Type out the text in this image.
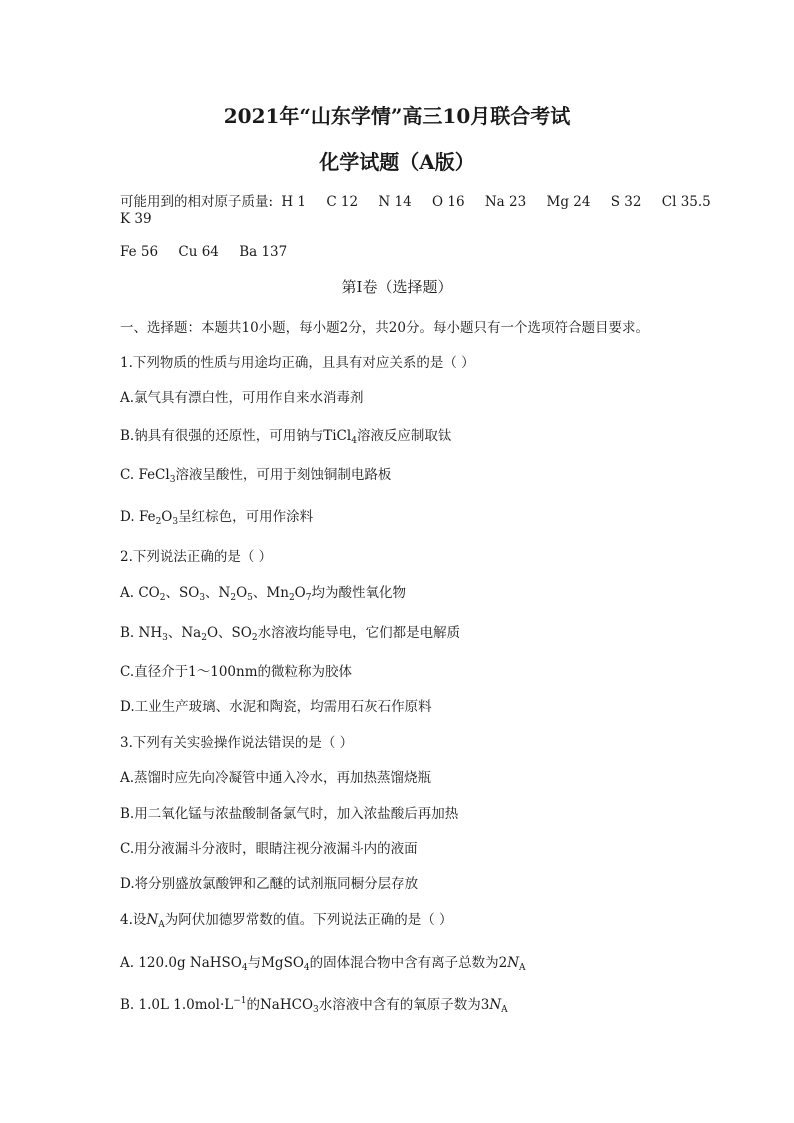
2021年“山东学情”高三10月联合考试
化学试题（A版）
可能用到的相对原子质量: H 1 C 12 N 14 O 16 Na 23 Mg 24 S 32 Cl 35.5
K 39
Fe 56 Cu 64 Ba 137
第Ⅰ卷（选择题）
一、选择题：本题共10小题，每小题2分，共20分。每小题只有一个选项符合题目要求。
1.下列物质的性质与用途均正确，且具有对应关系的是（ ）
A.氯气具有漂白性，可用作自来水消毒剂
B.钠具有很强的还原性，可用钠与TiCl$_4$溶液反应制取钛
C. FeCl$_3$溶液呈酸性，可用于刻蚀铜制电路板
D. $Fe_2O_3$呈红棕色，可用作涂料
2.下列说法正确的是（ ）
A. $CO_2$、$SO_3$、$N_2O_5$、$Mn_2O_7$均为酸性氧化物
B. $NH_3$、$Na_2O$、$SO_2$水溶液均能导电，它们都是电解质
C.直径介于1～100nm的微粒称为胶体
D.工业生产玻璃、水泥和陶瓷，均需用石灰石作原料
3.下列有关实验操作说法错误的是（ ）
A.蒸馏时应先向冷凝管中通入冷水，再加热蒸馏烧瓶
B.用二氧化锰与浓盐酸制备氯气时，加入浓盐酸后再加热
C.用分液漏斗分液时，眼睛注视分液漏斗内的液面
D.将分别盛放氯酸钾和乙醚的试剂瓶同橱分层存放
4.设$N_A$为阿伏加德罗常数的值。下列说法正确的是（ ）
A. 120.0g NaHSO$_4$与MgSO$_4$的固体混合物中含有离子总数为$2N_A$
B. 1.0L $1.0mol\cdot L^{-1}$的NaHCO$_3$水溶液中含有的氧原子数为$3N_A$
